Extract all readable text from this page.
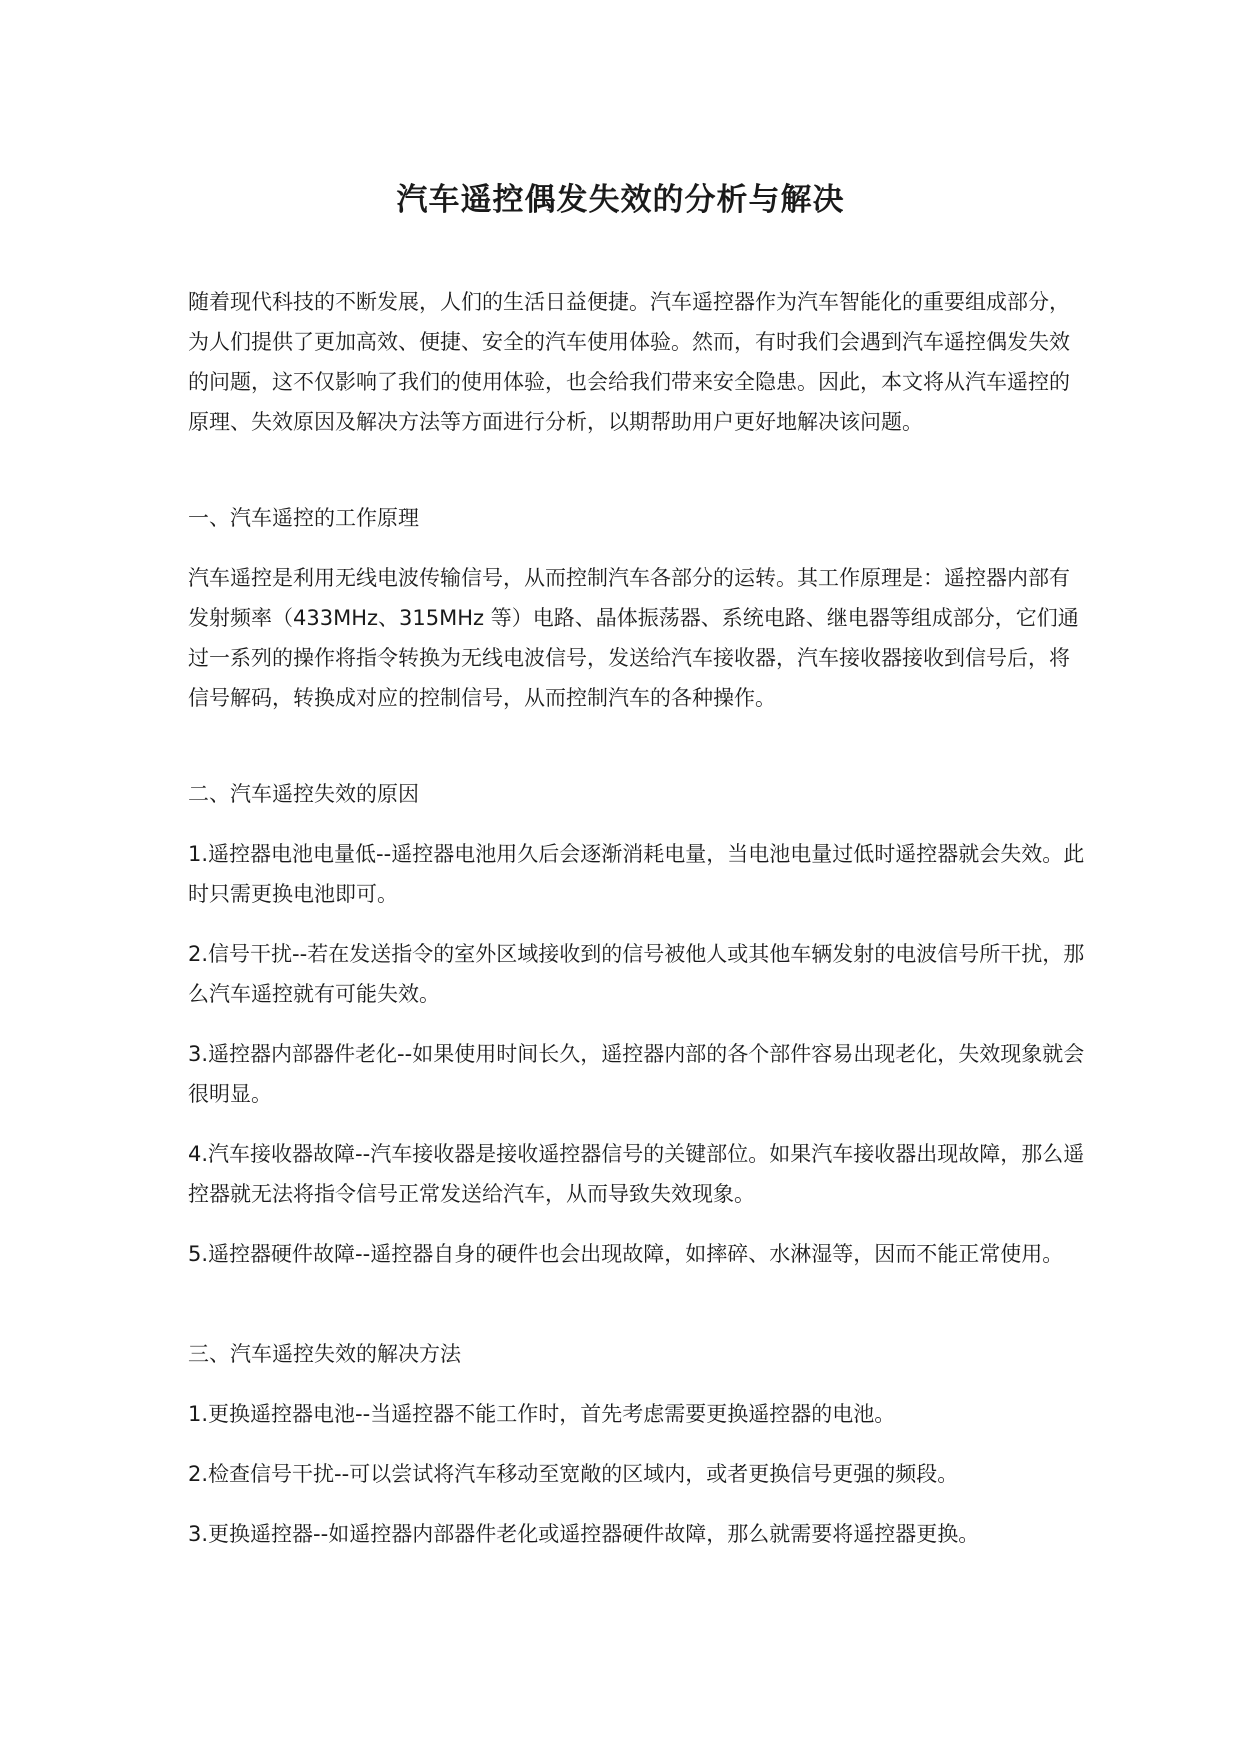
汽车遥控偶发失效的分析与解决

随着现代科技的不断发展，人们的生活日益便捷。汽车遥控器作为汽车智能化的重要组成部分，为人们提供了更加高效、便捷、安全的汽车使用体验。然而，有时我们会遇到汽车遥控偶发失效的问题，这不仅影响了我们的使用体验，也会给我们带来安全隐患。因此，本文将从汽车遥控的原理、失效原因及解决方法等方面进行分析，以期帮助用户更好地解决该问题。

一、汽车遥控的工作原理

汽车遥控是利用无线电波传输信号，从而控制汽车各部分的运转。其工作原理是：遥控器内部有发射频率（433MHz、315MHz 等）电路、晶体振荡器、系统电路、继电器等组成部分，它们通过一系列的操作将指令转换为无线电波信号，发送给汽车接收器，汽车接收器接收到信号后，将信号解码，转换成对应的控制信号，从而控制汽车的各种操作。

二、汽车遥控失效的原因

1.遥控器电池电量低--遥控器电池用久后会逐渐消耗电量，当电池电量过低时遥控器就会失效。此时只需更换电池即可。

2.信号干扰--若在发送指令的室外区域接收到的信号被他人或其他车辆发射的电波信号所干扰，那么汽车遥控就有可能失效。

3.遥控器内部器件老化--如果使用时间长久，遥控器内部的各个部件容易出现老化，失效现象就会很明显。

4.汽车接收器故障--汽车接收器是接收遥控器信号的关键部位。如果汽车接收器出现故障，那么遥控器就无法将指令信号正常发送给汽车，从而导致失效现象。

5.遥控器硬件故障--遥控器自身的硬件也会出现故障，如摔碎、水淋湿等，因而不能正常使用。

三、汽车遥控失效的解决方法

1.更换遥控器电池--当遥控器不能工作时，首先考虑需要更换遥控器的电池。

2.检查信号干扰--可以尝试将汽车移动至宽敞的区域内，或者更换信号更强的频段。

3.更换遥控器--如遥控器内部器件老化或遥控器硬件故障，那么就需要将遥控器更换。
